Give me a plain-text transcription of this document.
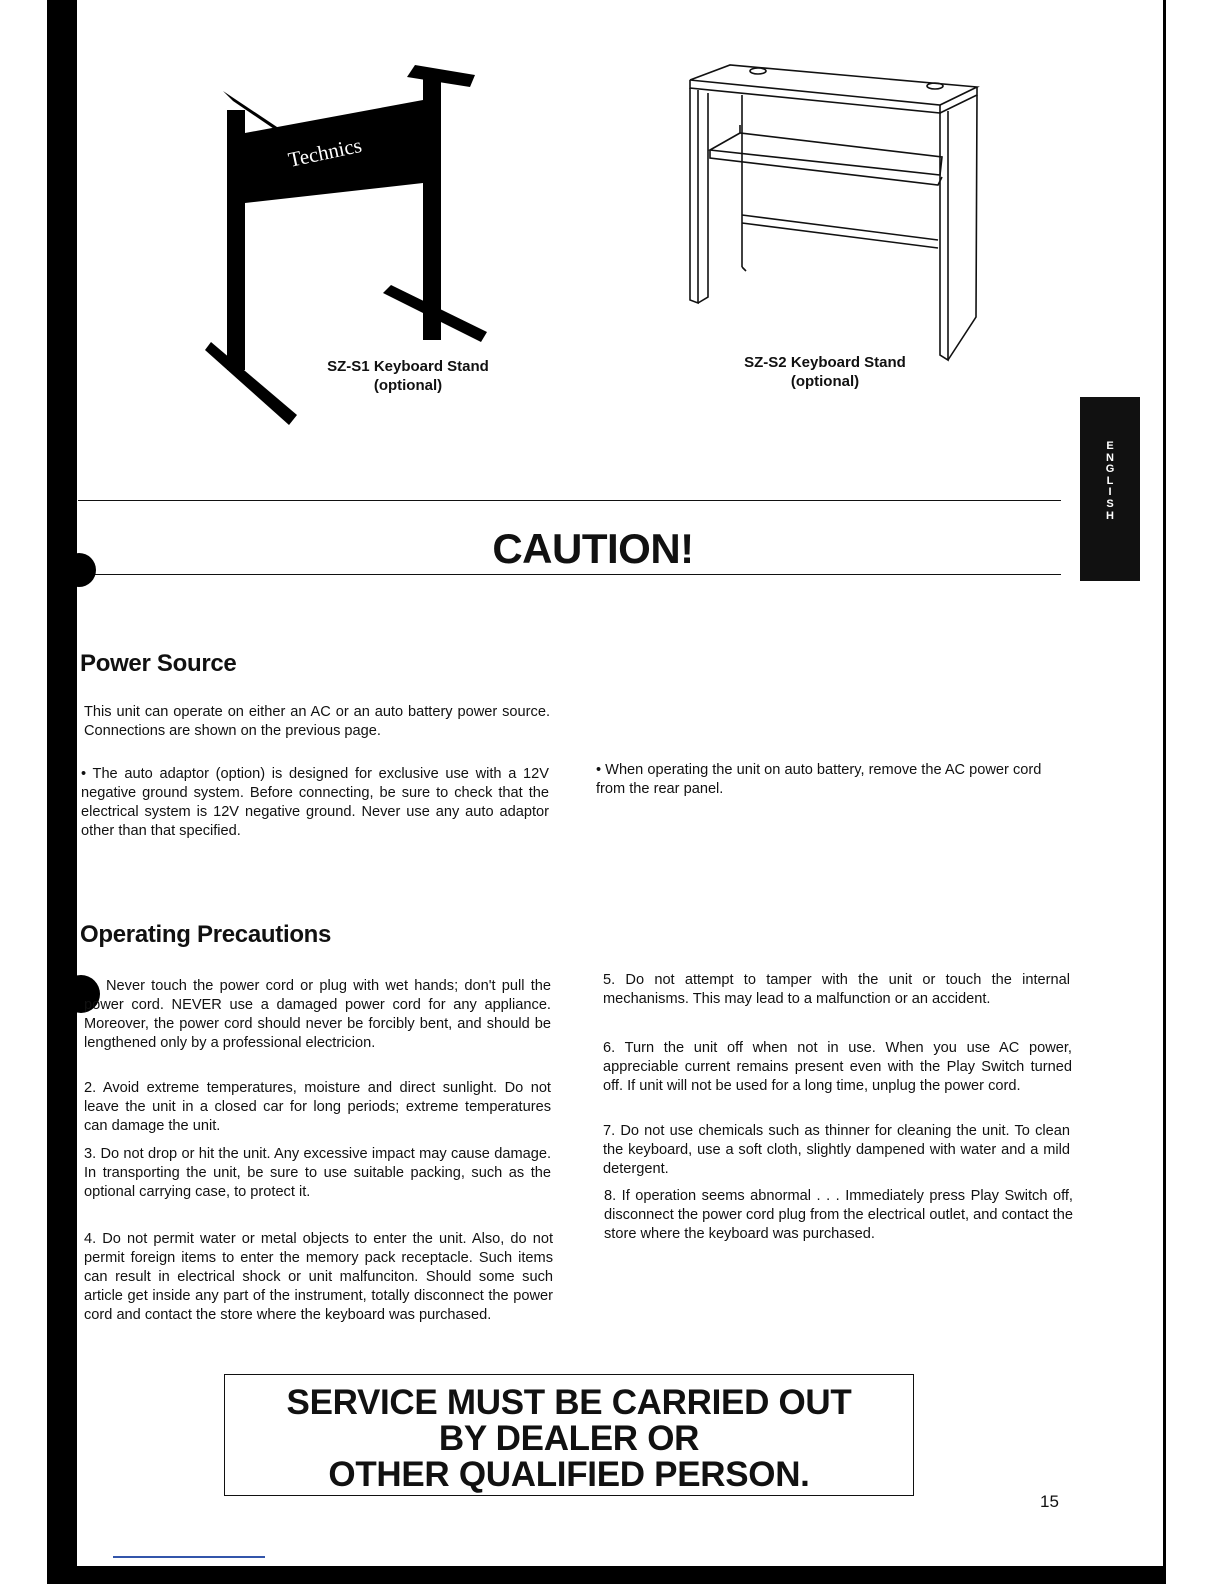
E
N
G
L
I
S
H
Technics
SZ-S1 Keyboard Stand
(optional)
SZ-S2 Keyboard Stand
(optional)
CAUTION!
Power Source

This unit can operate on either an AC or an auto battery power source. Connections are shown on the previous page.

• The auto adaptor (option) is designed for exclusive use with a 12V negative ground system. Before connecting, be sure to check that the electrical system is 12V negative ground. Never use any auto adaptor other than that specified.

• When operating the unit on auto battery, remove the AC power cord from the rear panel.

Operating Precautions

Never touch the power cord or plug with wet hands; don't pull the power cord. NEVER use a damaged power cord for any appliance. Moreover, the power cord should never be forcibly bent, and should be lengthened only by a professional electricion.

2. Avoid extreme temperatures, moisture and direct sunlight. Do not leave the unit in a closed car for long periods; extreme temperatures can damage the unit.

3. Do not drop or hit the unit. Any excessive impact may cause damage. In transporting the unit, be sure to use suitable packing, such as the optional carrying case, to protect it.

4. Do not permit water or metal objects to enter the unit. Also, do not permit foreign items to enter the memory pack receptacle. Such items can result in electrical shock or unit malfunciton. Should some such article get inside any part of the instrument, totally disconnect the power cord and contact the store where the keyboard was purchased.

5. Do not attempt to tamper with the unit or touch the internal mechanisms. This may lead to a malfunction or an accident.

6. Turn the unit off when not in use. When you use AC power, appreciable current remains present even with the Play Switch turned off. If unit will not be used for a long time, unplug the power cord.

7. Do not use chemicals such as thinner for cleaning the unit. To clean the keyboard, use a soft cloth, slightly dampened with water and a mild detergent.

8. If operation seems abnormal . . . Immediately press Play Switch off, disconnect the power cord plug from the electrical outlet, and contact the store where the keyboard was purchased.

SERVICE MUST BE CARRIED OUT
BY DEALER OR
OTHER QUALIFIED PERSON.
15
